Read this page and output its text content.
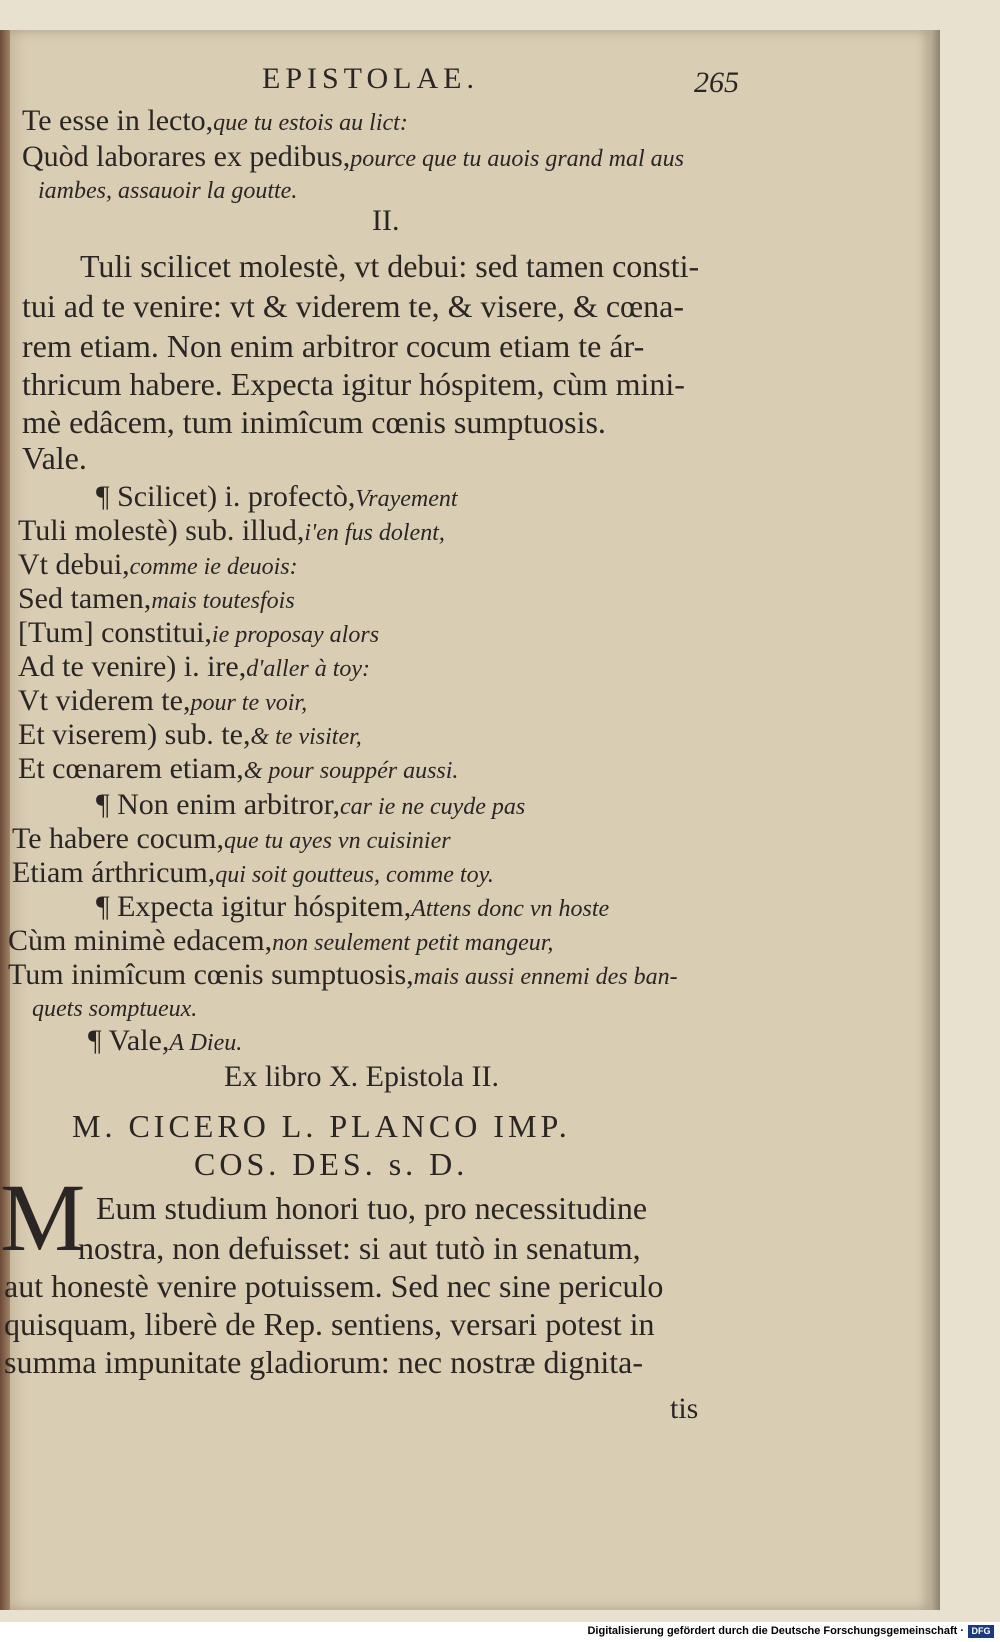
EPISTOLAE.	265
Te esse in lecto,que tu estois au lict:
Quòd laborares ex pedibus,pource que tu auois grand mal aus
iambes, assauoir la goutte.
II.
Tuli scilicet molestè, vt debui: sed tamen consti-
tui ad te venire: vt & viderem te, & visere, & cœna-
rem etiam. Non enim arbitror cocum etiam te ár-
thricum habere. Expecta igitur hóspitem, cùm mini-
mè edâcem, tum inimîcum cœnis sumptuosis.
Vale.
¶ Scilicet) i. profectò,Vrayement
Tuli molestè) sub. illud,i'en fus dolent,
Vt debui,comme ie deuois:
Sed tamen,mais toutesfois
[Tum] constitui,ie proposay alors
Ad te venire) i. ire,d'aller à toy:
Vt viderem te,pour te voir,
Et viserem) sub. te,& te visiter,
Et cœnarem etiam,& pour souppér aussi.
¶ Non enim arbitror,car ie ne cuyde pas
Te habere cocum,que tu ayes vn cuisinier
Etiam árthricum,qui soit goutteus, comme toy.
¶ Expecta igitur hóspitem,Attens donc vn hoste
Cùm minimè edacem,non seulement petit mangeur,
Tum inimîcum cœnis sumptuosis,mais aussi ennemi des ban-
quets somptueux.
¶ Vale,A Dieu.
Ex libro X. Epistola II.
M. CICERO L. PLANCO IMP.
COS. DES. s. D.
M Eum studium honori tuo, pro necessitudine
nostra, non defuisset: si aut tutò in senatum,
aut honestè venire potuissem. Sed nec sine periculo
quisquam, liberè de Rep. sentiens, versari potest in
summa impunitate gladiorum: nec nostræ dignita-
tis
Digitalisierung gefördert durch die Deutsche Forschungsgemeinschaft · DFG
